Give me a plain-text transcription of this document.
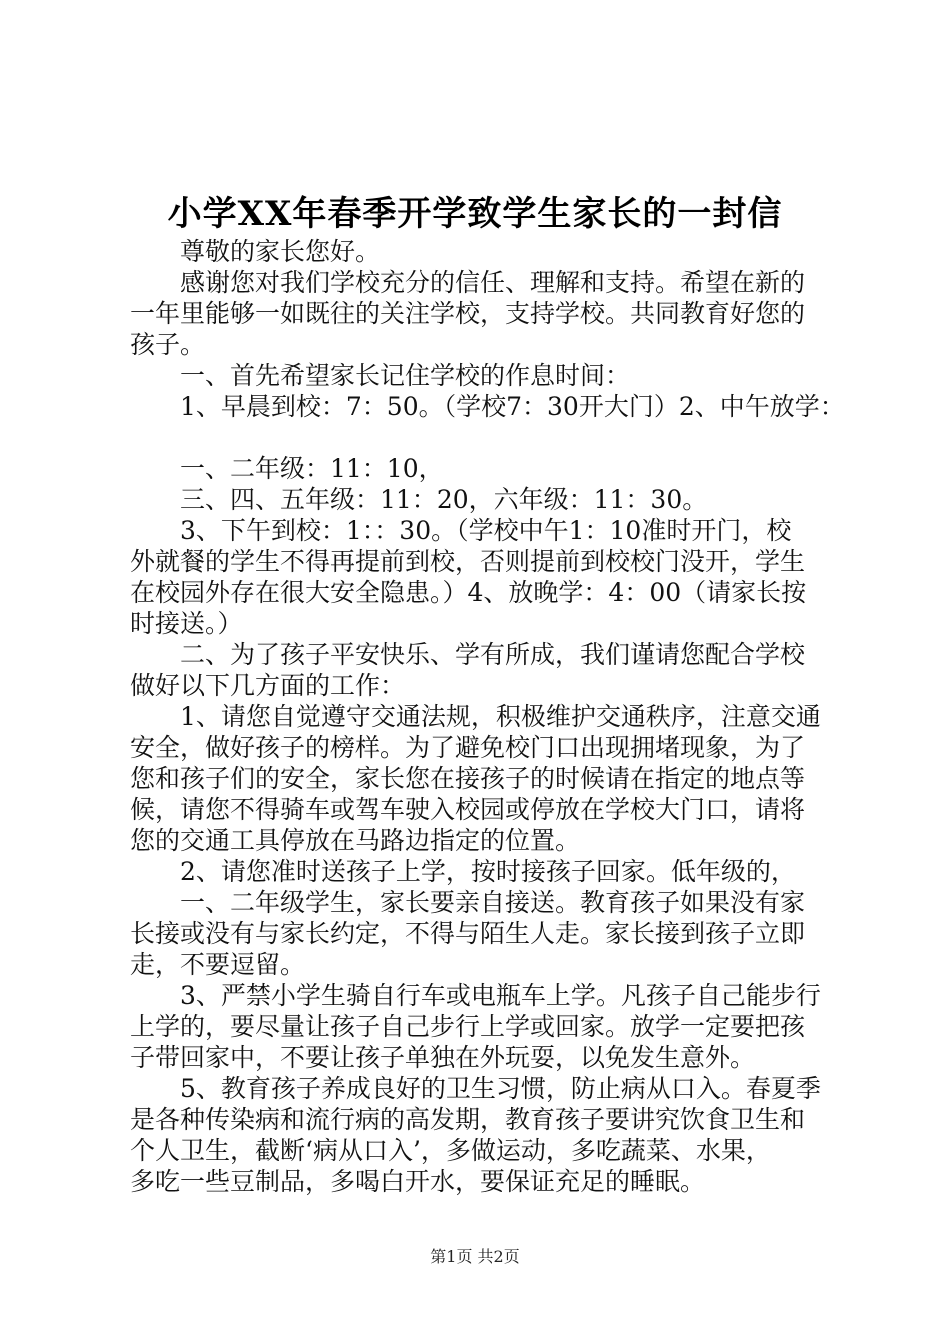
小学XX年春季开学致学生家长的一封信
　　尊敬的家长您好。
　　感谢您对我们学校充分的信任、理解和支持。希望在新的
一年里能够一如既往的关注学校，支持学校。共同教育好您的
孩子。
　　一、首先希望家长记住学校的作息时间：
　　1、早晨到校：7：50。（学校7：30开大门）2、中午放学：
　　一、二年级：11：10，
　　三、四、五年级：11：20，六年级：11：30。
　　3、下午到校：1：：30。（学校中午1：10准时开门，校
外就餐的学生不得再提前到校，否则提前到校校门没开，学生
在校园外存在很大安全隐患。）4、放晚学：4：00（请家长按
时接送。）
　　二、为了孩子平安快乐、学有所成，我们谨请您配合学校
做好以下几方面的工作：
　　1、请您自觉遵守交通法规，积极维护交通秩序，注意交通
安全，做好孩子的榜样。为了避免校门口出现拥堵现象，为了
您和孩子们的安全，家长您在接孩子的时候请在指定的地点等
候，请您不得骑车或驾车驶入校园或停放在学校大门口，请将
您的交通工具停放在马路边指定的位置。
　　2、请您准时送孩子上学，按时接孩子回家。低年级的，
　　一、二年级学生，家长要亲自接送。教育孩子如果没有家
长接或没有与家长约定，不得与陌生人走。家长接到孩子立即
走，不要逗留。
　　3、严禁小学生骑自行车或电瓶车上学。凡孩子自己能步行
上学的，要尽量让孩子自己步行上学或回家。放学一定要把孩
子带回家中，不要让孩子单独在外玩耍，以免发生意外。
　　5、教育孩子养成良好的卫生习惯，防止病从口入。春夏季
是各种传染病和流行病的高发期，教育孩子要讲究饮食卫生和
个人卫生，截断‘病从口入’，多做运动，多吃蔬菜、水果，
多吃一些豆制品，多喝白开水，要保证充足的睡眠。
第1页 共2页
